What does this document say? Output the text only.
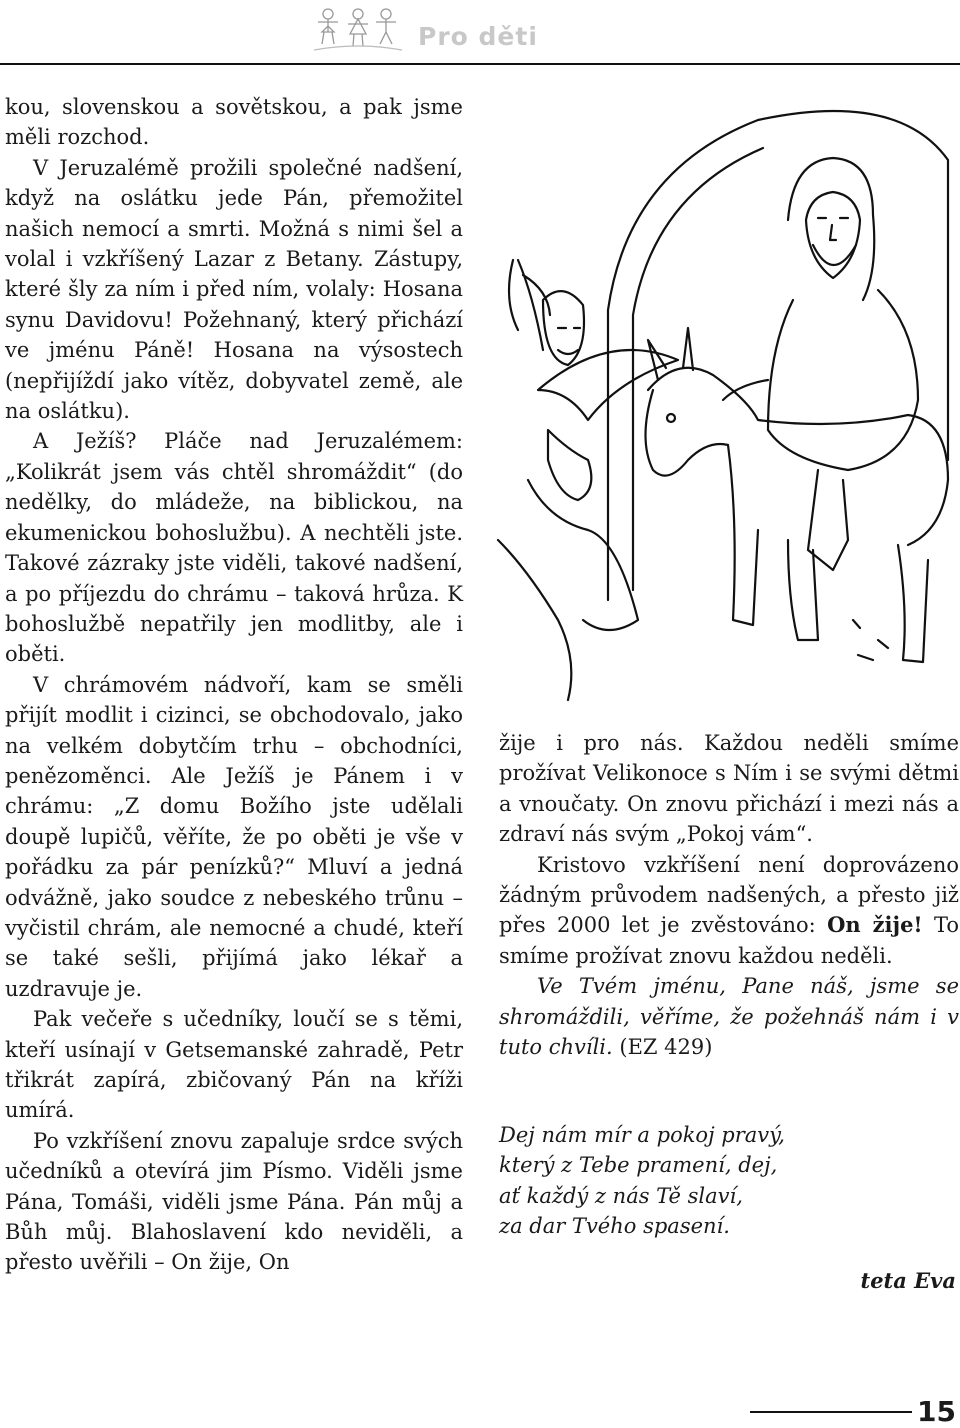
Pro děti

kou, slovenskou a sovětskou, a pak jsme měli rozchod.

V Jeruzalémě prožili společné nadšení, když na oslátku jede Pán, přemožitel našich nemocí a smrti. Možná s nimi šel a volal i vzkříšený Lazar z Betany. Zástupy, které šly za ním i před ním, volaly: Hosana synu Davidovu! Požehnaný, který přichází ve jménu Páně! Hosana na výsostech (nepřijíždí jako vítěz, dobyvatel země, ale na oslátku).

A Ježíš? Pláče nad Jeruzalémem: „Kolikrát jsem vás chtěl shromáždit“ (do nedělky, do mládeže, na biblickou, na ekumenickou bohoslužbu). A nechtěli jste. Takové zázraky jste viděli, takové nadšení, a po příjezdu do chrámu – taková hrůza. K bohoslužbě nepatřily jen modlitby, ale i oběti.

V chrámovém nádvoří, kam se směli přijít modlit i cizinci, se obchodovalo, jako na velkém dobytčím trhu – obchodníci, penězoměnci. Ale Ježíš je Pánem i v chrámu: „Z domu Božího jste udělali doupě lupičů, věříte, že po oběti je vše v pořádku za pár penízků?“ Mluví a jedná odvážně, jako soudce z nebeského trůnu – vyčistil chrám, ale nemocné a chudé, kteří se také sešli, přijímá jako lékař a uzdravuje je.

Pak večeře s učedníky, loučí se s těmi, kteří usínají v Getsemanské zahradě, Petr třikrát zapírá, zbičovaný Pán na kříži umírá.

Po vzkříšení znovu zapaluje srdce svých učedníků a otevírá jim Písmo. Viděli jsme Pána, Tomáši, viděli jsme Pána. Pán můj a Bůh můj. Blahoslavení kdo neviděli, a přesto uvěřili – On žije, On

žije i pro nás. Každou neděli smíme prožívat Velikonoce s Ním i se svými dětmi a vnoučaty. On znovu přichází i mezi nás a zdraví nás svým „Pokoj vám“.

Kristovo vzkříšení není doprovázeno žádným průvodem nadšených, a přesto již přes 2000 let je zvěstováno: On žije! To smíme prožívat znovu každou neděli.

Ve Tvém jménu, Pane náš, jsme se shromáždili, věříme, že požehnáš nám i v tuto chvíli. (EZ 429)

Dej nám mír a pokoj pravý,
který z Tebe pramení, dej,
ať každý z nás Tě slaví,
za dar Tvého spasení.
teta Eva
15
